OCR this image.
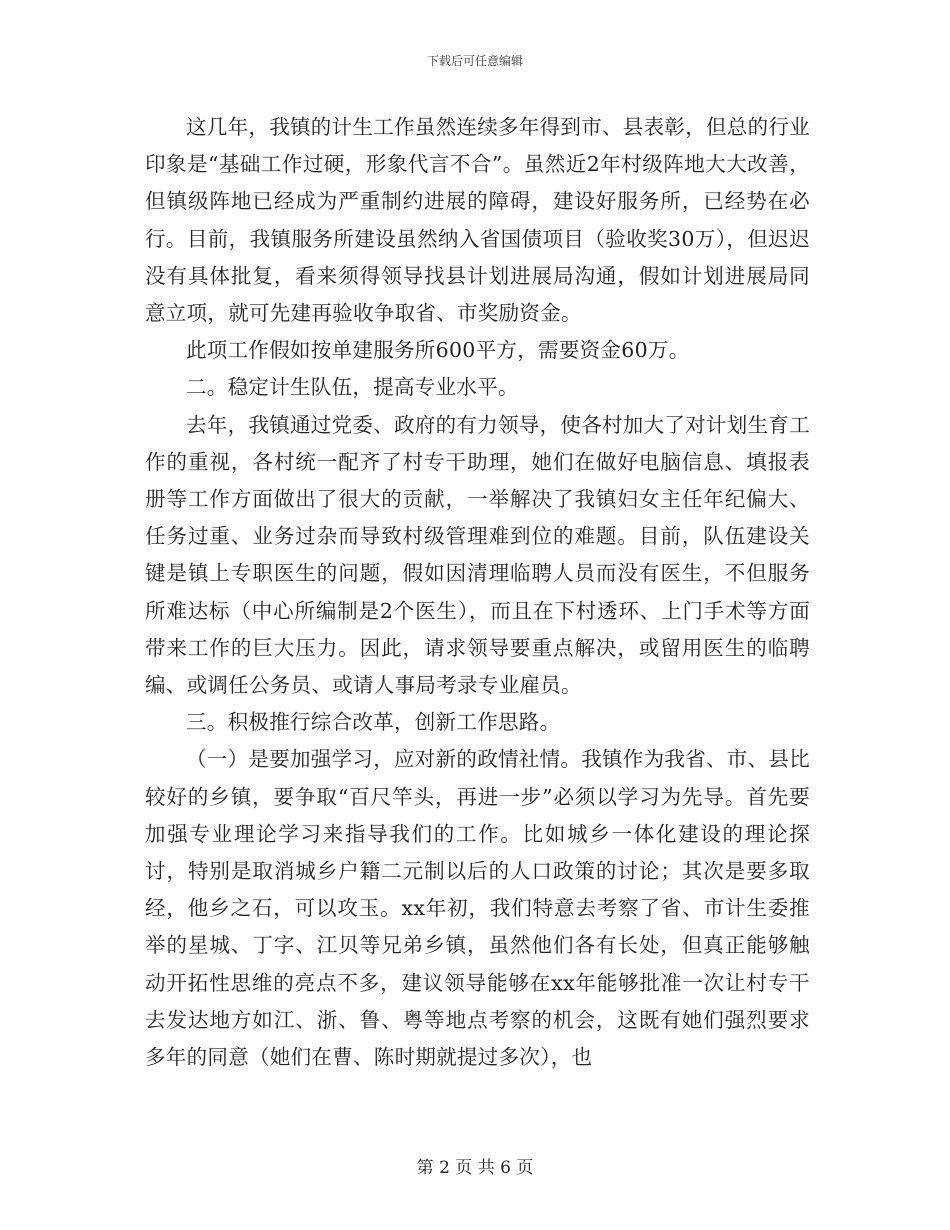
下载后可任意编辑

这几年，我镇的计生工作虽然连续多年得到市、县表彰，但总的行业印象是“基础工作过硬，形象代言不合”。虽然近2年村级阵地大大改善，但镇级阵地已经成为严重制约进展的障碍，建设好服务所，已经势在必行。目前，我镇服务所建设虽然纳入省国债项目（验收奖30万），但迟迟没有具体批复，看来须得领导找县计划进展局沟通，假如计划进展局同意立项，就可先建再验收争取省、市奖励资金。

此项工作假如按单建服务所600平方，需要资金60万。

二。稳定计生队伍，提高专业水平。

去年，我镇通过党委、政府的有力领导，使各村加大了对计划生育工作的重视，各村统一配齐了村专干助理，她们在做好电脑信息、填报表册等工作方面做出了很大的贡献，一举解决了我镇妇女主任年纪偏大、任务过重、业务过杂而导致村级管理难到位的难题。目前，队伍建设关键是镇上专职医生的问题，假如因清理临聘人员而没有医生，不但服务所难达标（中心所编制是2个医生），而且在下村透环、上门手术等方面带来工作的巨大压力。因此，请求领导要重点解决，或留用医生的临聘编、或调任公务员、或请人事局考录专业雇员。

三。积极推行综合改革，创新工作思路。

（一）是要加强学习，应对新的政情社情。我镇作为我省、市、县比较好的乡镇，要争取“百尺竿头，再进一步”必须以学习为先导。首先要加强专业理论学习来指导我们的工作。比如城乡一体化建设的理论探讨，特别是取消城乡户籍二元制以后的人口政策的讨论；其次是要多取经，他乡之石，可以攻玉。xx年初，我们特意去考察了省、市计生委推举的星城、丁字、江贝等兄弟乡镇，虽然他们各有长处，但真正能够触动开拓性思维的亮点不多，建议领导能够在xx年能够批准一次让村专干去发达地方如江、浙、鲁、粤等地点考察的机会，这既有她们强烈要求多年的同意（她们在曹、陈时期就提过多次），也

第 2 页 共 6 页
